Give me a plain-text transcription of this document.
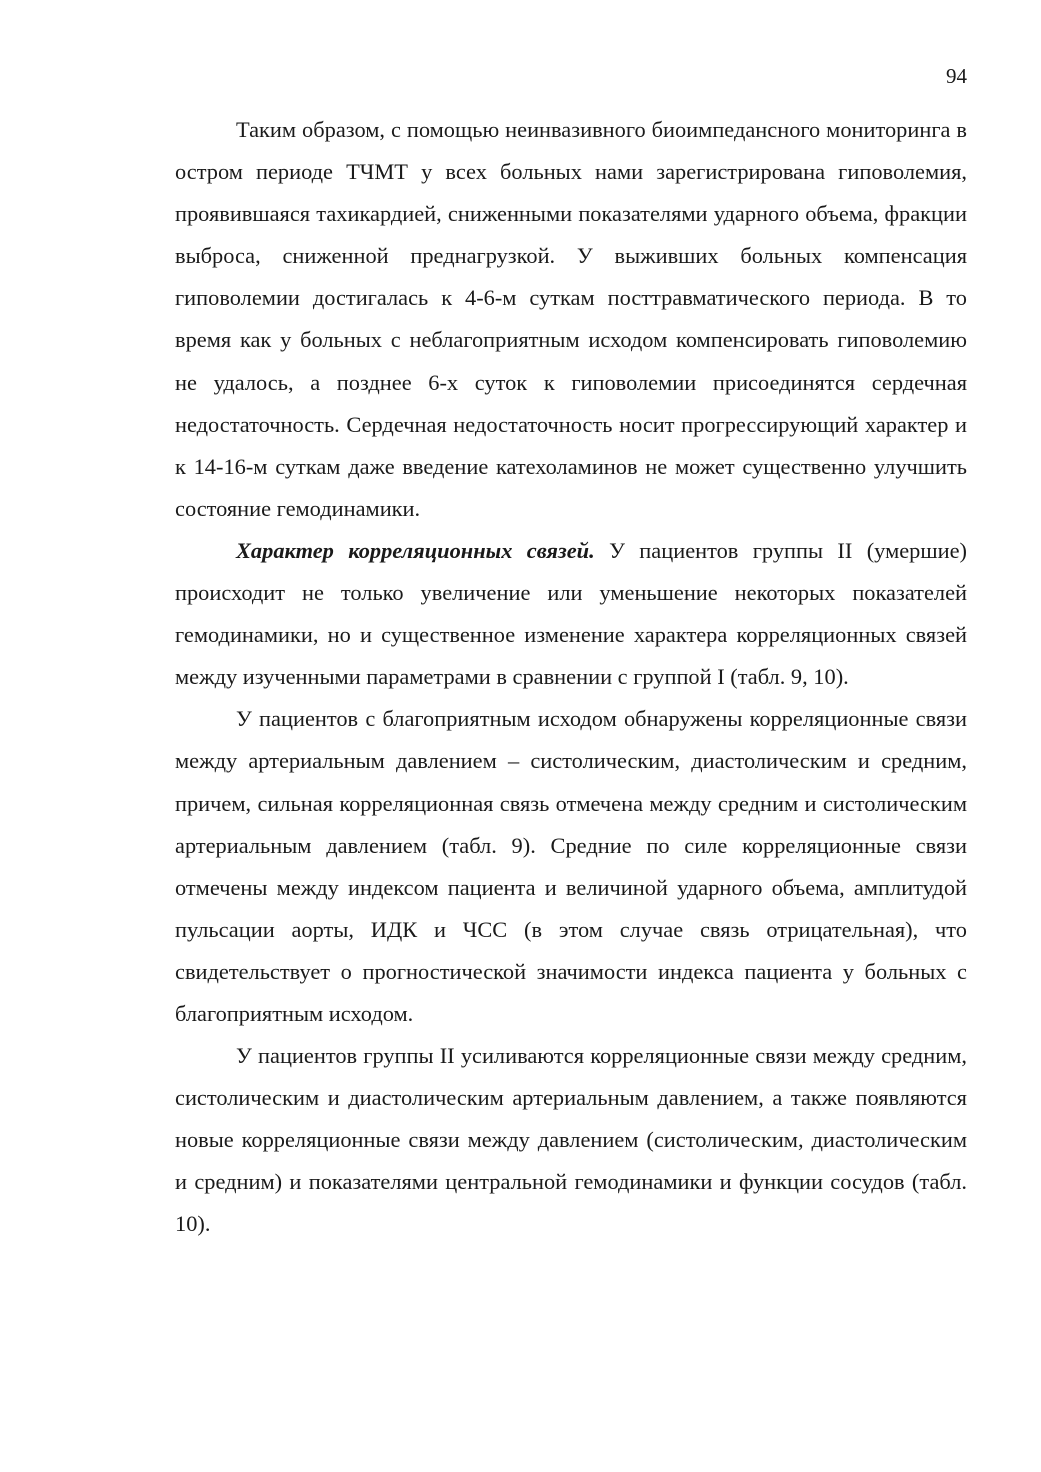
94

Таким образом, с помощью неинвазивного биоимпедансного мониторинга в остром периоде ТЧМТ у всех больных нами зарегистрирована гиповолемия, проявившаяся тахикардией, сниженными показателями ударного объема, фракции выброса, сниженной преднагрузкой. У выживших больных компенсация гиповолемии достигалась к 4-6-м суткам посттравматического периода. В то время как у больных с неблагоприятным исходом компенсировать гиповолемию не удалось, а позднее 6-х суток к гиповолемии присоединятся сердечная недостаточность. Сердечная недостаточность носит прогрессирующий характер и к 14-16-м суткам даже введение катехоламинов не может существенно улучшить состояние гемодинамики.

Характер корреляционных связей. У пациентов группы II (умершие) происходит не только увеличение или уменьшение некоторых показателей гемодинамики, но и существенное изменение характера корреляционных связей между изученными параметрами в сравнении с группой I (табл. 9, 10).

У пациентов с благоприятным исходом обнаружены корреляционные связи между артериальным давлением – систолическим, диастолическим и средним, причем, сильная корреляционная связь отмечена между средним и систолическим артериальным давлением (табл. 9). Средние по силе корреляционные связи отмечены между индексом пациента и величиной ударного объема, амплитудой пульсации аорты, ИДК и ЧСС (в этом случае связь отрицательная), что свидетельствует о прогностической значимости индекса пациента у больных с благоприятным исходом.

У пациентов группы II усиливаются корреляционные связи между средним, систолическим и диастолическим артериальным давлением, а также появляются новые корреляционные связи между давлением (систолическим, диастолическим и средним) и показателями центральной гемодинамики и функции сосудов (табл. 10).
